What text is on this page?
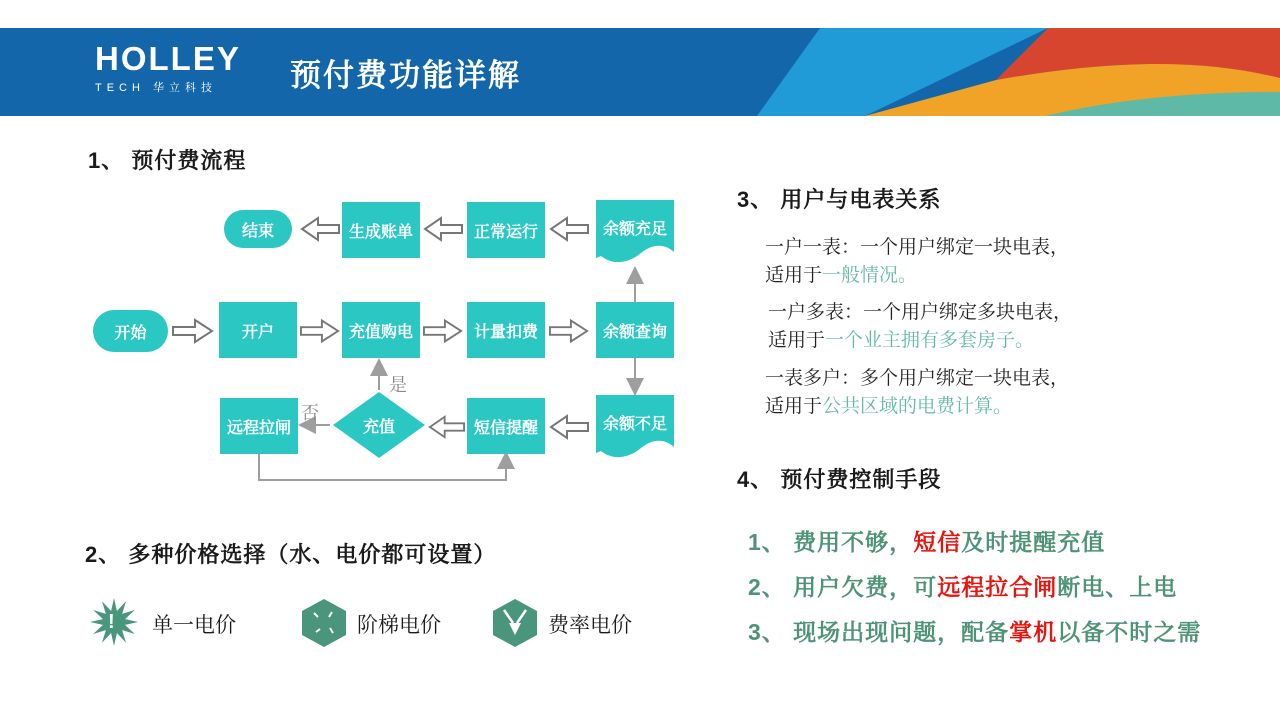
HOLLEY
TECH 华立科技	预付费功能详解
1、 预付费流程
是
否
结束	生成账单	正常运行	余额充足
开始	开户	充值购电	计量扣费	余额查询
远程拉闸	充值	短信提醒	余额不足
2、 多种价格选择（水、电价都可设置）
! 单一电价	阶梯电价	费率电价
3、 用户与电表关系
一户一表：一个用户绑定一块电表，适用于一般情况。
一户多表：一个用户绑定多块电表，适用于一个业主拥有多套房子。
一表多户：多个用户绑定一块电表，适用于公共区域的电费计算。
4、 预付费控制手段
1、 费用不够，短信及时提醒充值
2、 用户欠费，可远程拉合闸断电、上电
3、 现场出现问题，配备掌机以备不时之需
